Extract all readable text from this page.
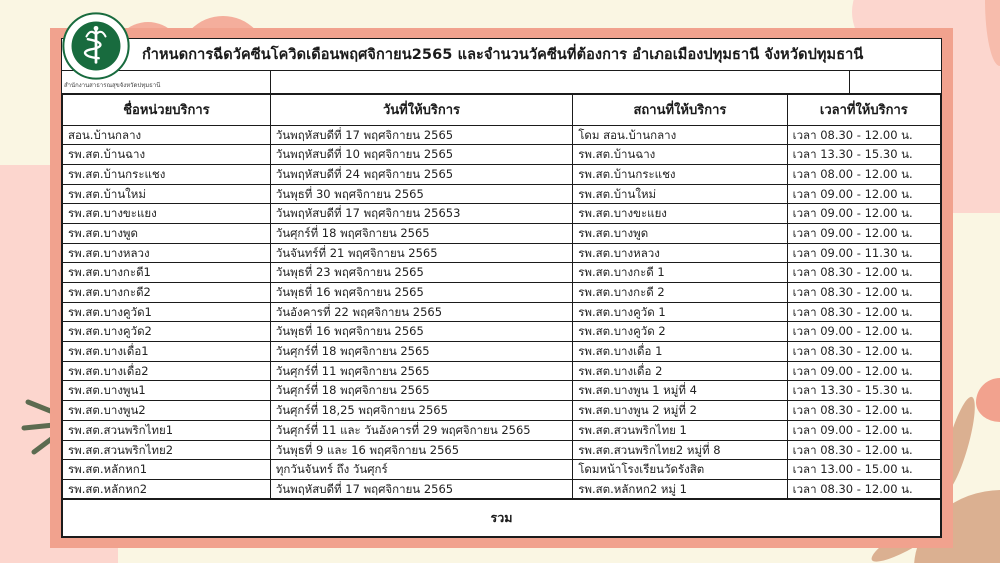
กำหนดการฉีดวัคซีนโควิดเดือนพฤศจิกายน2565 และจำนวนวัคซีนที่ต้องการ อำเภอเมืองปทุมธานี จังหวัดปทุมธานี
สำนักงานสาธารณสุขจังหวัดปทุมธานี
ชื่อหน่วยบริการ	วันที่ให้บริการ	สถานที่ให้บริการ	เวลาที่ให้บริการ
สอน.บ้านกลาง	วันพฤหัสบดีที่ 17 พฤศจิกายน 2565	โดม สอน.บ้านกลาง	เวลา 08.30 - 12.00 น.
รพ.สต.บ้านฉาง	วันพฤหัสบดีที่ 10 พฤศจิกายน 2565	รพ.สต.บ้านฉาง	เวลา 13.30 - 15.30 น.
รพ.สต.บ้านกระแชง	วันพฤหัสบดีที่ 24 พฤศจิกายน 2565	รพ.สต.บ้านกระแชง	เวลา 08.00 - 12.00 น.
รพ.สต.บ้านใหม่	วันพุธที่ 30 พฤศจิกายน 2565	รพ.สต.บ้านใหม่	เวลา 09.00 - 12.00 น.
รพ.สต.บางขะแยง	วันพฤหัสบดีที่ 17 พฤศจิกายน 25653	รพ.สต.บางขะแยง	เวลา 09.00 - 12.00 น.
รพ.สต.บางพูด	วันศุกร์ที่ 18 พฤศจิกายน 2565	รพ.สต.บางพูด	เวลา 09.00 - 12.00 น.
รพ.สต.บางหลวง	วันจันทร์ที่ 21 พฤศจิกายน 2565	รพ.สต.บางหลวง	เวลา 09.00 - 11.30 น.
รพ.สต.บางกะดี1	วันพุธที่ 23 พฤศจิกายน 2565	รพ.สต.บางกะดี 1	เวลา 08.30 - 12.00 น.
รพ.สต.บางกะดี2	วันพุธที่ 16 พฤศจิกายน 2565	รพ.สต.บางกะดี 2	เวลา 08.30 - 12.00 น.
รพ.สต.บางคูวัด1	วันอังคารที่ 22 พฤศจิกายน 2565	รพ.สต.บางคูวัด 1	เวลา 08.30 - 12.00 น.
รพ.สต.บางคูวัด2	วันพุธที่ 16 พฤศจิกายน 2565	รพ.สต.บางคูวัด 2	เวลา 09.00 - 12.00 น.
รพ.สต.บางเดื่อ1	วันศุกร์ที่ 18 พฤศจิกายน 2565	รพ.สต.บางเดื่อ 1	เวลา 08.30 - 12.00 น.
รพ.สต.บางเดื่อ2	วันศุกร์ที่ 11 พฤศจิกายน 2565	รพ.สต.บางเดื่อ 2	เวลา 09.00 - 12.00 น.
รพ.สต.บางพูน1	วันศุกร์ที่ 18 พฤศจิกายน 2565	รพ.สต.บางพูน 1 หมู่ที่ 4	เวลา 13.30 - 15.30 น.
รพ.สต.บางพูน2	วันศุกร์ที่ 18,25 พฤศจิกายน 2565	รพ.สต.บางพูน 2 หมู่ที่ 2	เวลา 08.30 - 12.00 น.
รพ.สต.สวนพริกไทย1	วันศุกร์ที่ 11 และ วันอังคารที่ 29 พฤศจิกายน 2565	รพ.สต.สวนพริกไทย 1	เวลา 09.00 - 12.00 น.
รพ.สต.สวนพริกไทย2	วันพุธที่ 9 และ 16 พฤศจิกายน 2565	รพ.สต.สวนพริกไทย2 หมู่ที่ 8	เวลา 08.30 - 12.00 น.
รพ.สต.หลักหก1	ทุกวันจันทร์ ถึง วันศุกร์	โดมหน้าโรงเรียนวัดรังสิต	เวลา 13.00 - 15.00 น.
รพ.สต.หลักหก2	วันพฤหัสบดีที่ 17 พฤศจิกายน 2565	รพ.สต.หลักหก2 หมู่ 1	เวลา 08.30 - 12.00 น.
รวม
